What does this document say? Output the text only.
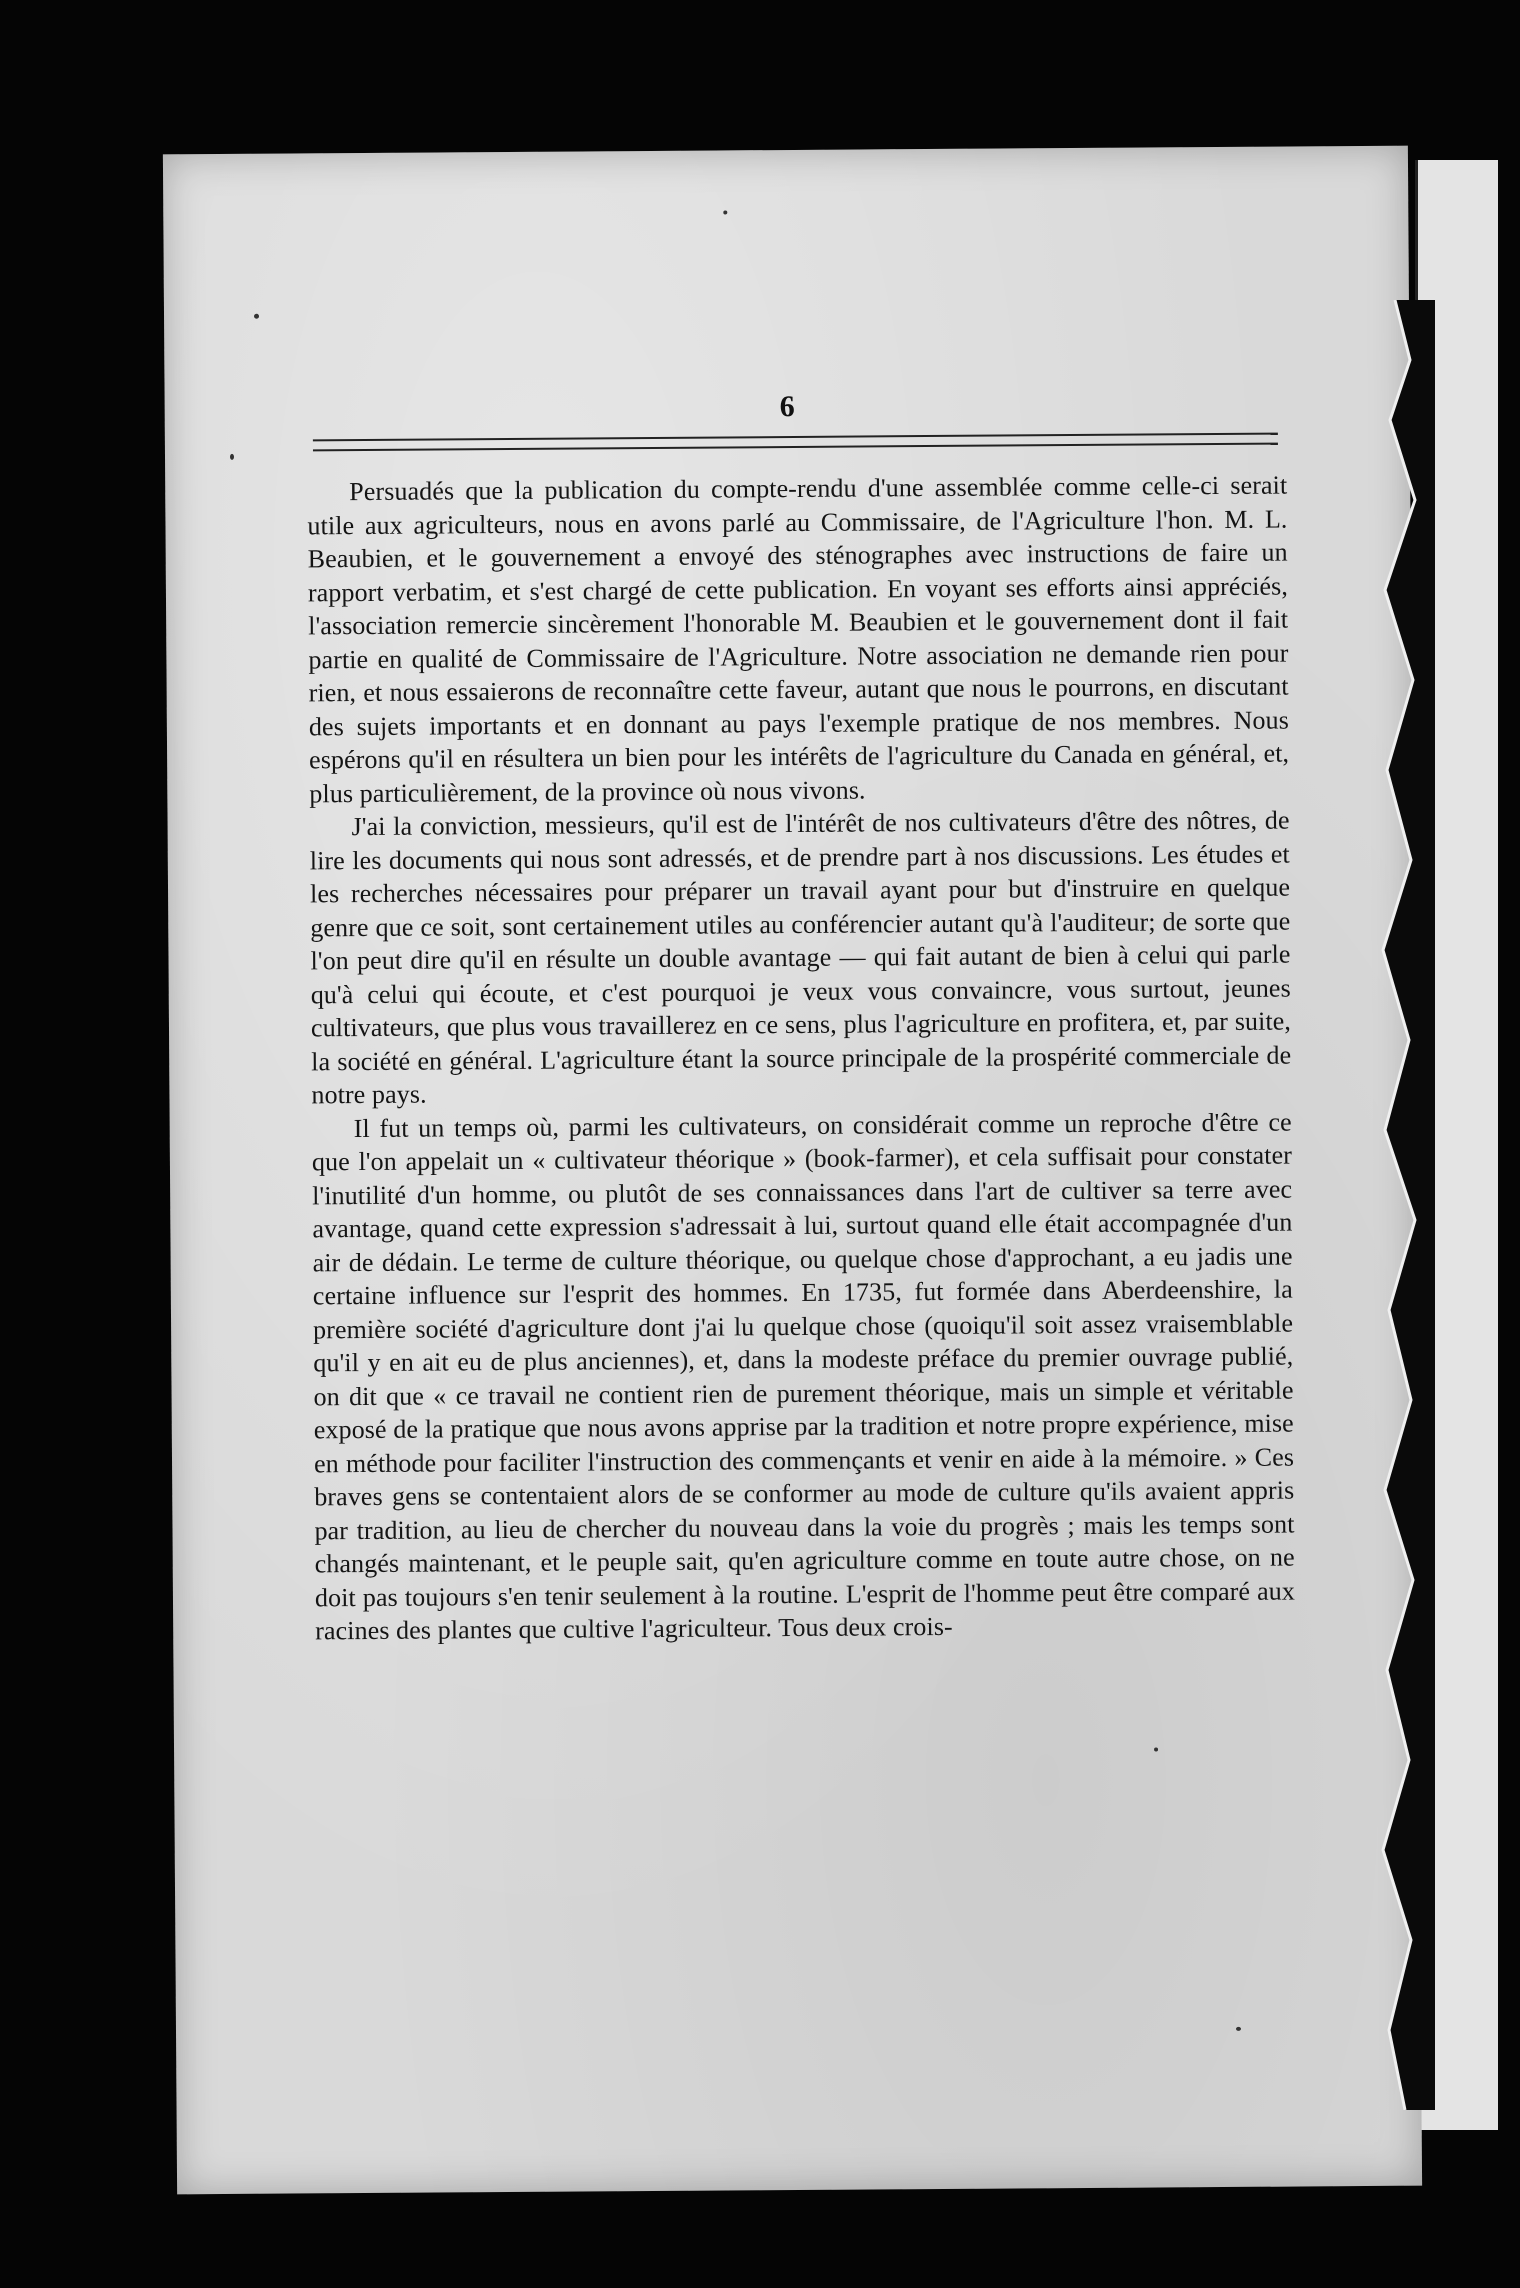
6

Persuadés que la publication du compte-rendu d'une assemblée comme celle-ci serait utile aux agriculteurs, nous en avons parlé au Commissaire, de l'Agriculture l'hon. M. L. Beaubien, et le gouvernement a envoyé des sténographes avec instructions de faire un rapport verbatim, et s'est chargé de cette publication. En voyant ses efforts ainsi appréciés, l'association remercie sincèrement l'honorable M. Beaubien et le gouvernement dont il fait partie en qualité de Commissaire de l'Agriculture. Notre association ne demande rien pour rien, et nous essaierons de reconnaître cette faveur, autant que nous le pourrons, en discutant des sujets importants et en donnant au pays l'exemple pratique de nos membres. Nous espérons qu'il en résultera un bien pour les intérêts de l'agriculture du Canada en général, et, plus particulièrement, de la province où nous vivons.

J'ai la conviction, messieurs, qu'il est de l'intérêt de nos cultivateurs d'être des nôtres, de lire les documents qui nous sont adressés, et de prendre part à nos discussions. Les études et les recherches nécessaires pour préparer un travail ayant pour but d'instruire en quelque genre que ce soit, sont certainement utiles au conférencier autant qu'à l'auditeur; de sorte que l'on peut dire qu'il en résulte un double avantage — qui fait autant de bien à celui qui parle qu'à celui qui écoute, et c'est pourquoi je veux vous convaincre, vous surtout, jeunes cultivateurs, que plus vous travaillerez en ce sens, plus l'agriculture en profitera, et, par suite, la société en général. L'agriculture étant la source principale de la prospérité commerciale de notre pays.

Il fut un temps où, parmi les cultivateurs, on considérait comme un reproche d'être ce que l'on appelait un « cultivateur théorique » (book-farmer), et cela suffisait pour constater l'inutilité d'un homme, ou plutôt de ses connaissances dans l'art de cultiver sa terre avec avantage, quand cette expression s'adressait à lui, surtout quand elle était accompagnée d'un air de dédain. Le terme de culture théorique, ou quelque chose d'approchant, a eu jadis une certaine influence sur l'esprit des hommes. En 1735, fut formée dans Aberdeenshire, la première société d'agriculture dont j'ai lu quelque chose (quoiqu'il soit assez vraisemblable qu'il y en ait eu de plus anciennes), et, dans la modeste préface du premier ouvrage publié, on dit que « ce travail ne contient rien de purement théorique, mais un simple et véritable exposé de la pratique que nous avons apprise par la tradition et notre propre expérience, mise en méthode pour faciliter l'instruction des commençants et venir en aide à la mémoire. » Ces braves gens se contentaient alors de se conformer au mode de culture qu'ils avaient appris par tradition, au lieu de chercher du nouveau dans la voie du progrès ; mais les temps sont changés maintenant, et le peuple sait, qu'en agriculture comme en toute autre chose, on ne doit pas toujours s'en tenir seulement à la routine. L'esprit de l'homme peut être comparé aux racines des plantes que cultive l'agriculteur. Tous deux crois-
